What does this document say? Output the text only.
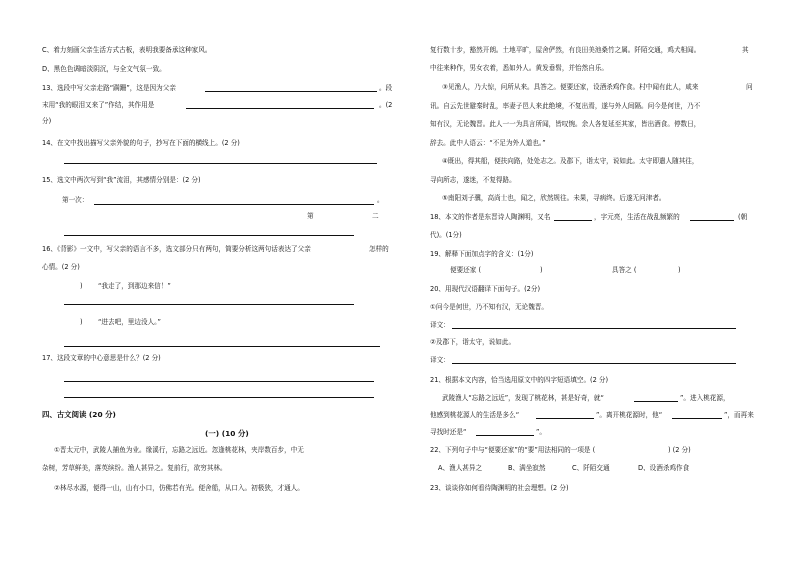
C、着力刻画父亲生活方式古板，表明我要备承这种家风。
D、黑色色调暗淡阴沉，与全文气氛一致。
13、选段中写父亲走路“蹒跚”，这是因为父亲	。段
末用“我的眼泪又来了”作结，其作用是	。(2
分)
14、在文中找出描写父亲外貌的句子，抄写在下面的横线上。(2 分)
15、选文中两次写到“我”流泪，其感情分别是：(2 分)
第一次：	。
第	二
16、《背影》一文中，写父亲的语言不多，选文部分只有两句，简要分析这两句话表达了父亲	怎样的
心情。(2 分)
) “我走了，到那边来信！”
) “进去吧，里边没人。”
17、这段文章的中心意思是什么？(2 分)
四、古文阅读 (20 分)
(一) (10 分)
①晋太元中，武陵人捕鱼为业。缘溪行，忘路之远近。忽逢桃花林，夹岸数百步，中无
杂树，芳草鲜美，落英缤纷。渔人甚异之。复前行，欲穷其林。
②林尽水源，便得一山，山有小口，仿佛若有光。便舍船，从口入。初极狭，才通人。
复行数十步，豁然开朗。土地平旷，屋舍俨然，有良田美池桑竹之属。阡陌交通，鸡犬相闻。	其
中往来种作，男女衣着，悉如外人。黄发垂髫，并怡然自乐。
③见渔人，乃大惊，问所从来。具答之。便要还家，设酒杀鸡作食。村中闻有此人，咸来	问
讯。自云先世避秦时乱，率妻子邑人来此绝境，不复出焉，遂与外人间隔。问今是何世，乃不
知有汉，无论魏晋。此人一一为具言所闻，皆叹惋。余人各复延至其家，皆出酒食。停数日，
辞去。此中人语云：“不足为外人道也。”
④既出，得其船，便扶向路，处处志之。及郡下，诣太守，说如此。太守即遣人随其往，
寻向所志，遂迷，不复得路。
⑤南阳刘子骥，高尚士也，闻之，欣然规往。未果，寻病终。后遂无问津者。
18、本文的作者是东晋诗人陶渊明，又名	，字元亮，生活在战乱频繁的	(朝
代)。(1分)
19、解释下面加点字的含义：(1分)
便要还家 (	)	具答之 (	)
20、用现代汉语翻译下面句子。(2分)
①问今是何世，乃不知有汉，无论魏晋。
译文：
②及郡下，诣太守，说如此。
译文：
21、根据本文内容，恰当选用原文中的四字短语填空。(2 分)
武陵渔人“忘路之远近”，发现了桃花林，甚是好奇，就“	”。进入桃花源，
他感到桃花源人的生活是多么“	”。离开桃花源时，他“	”，而再来
寻找时还是“	”。
22、下列句子中与“便要还家”的“要”用法相同的一项是 (	) (2 分)
A、渔人甚异之	B、满坐寂然	C、阡陌交通	D、设酒杀鸡作食
23、谈谈你如何看待陶渊明的社会理想。(2 分)
